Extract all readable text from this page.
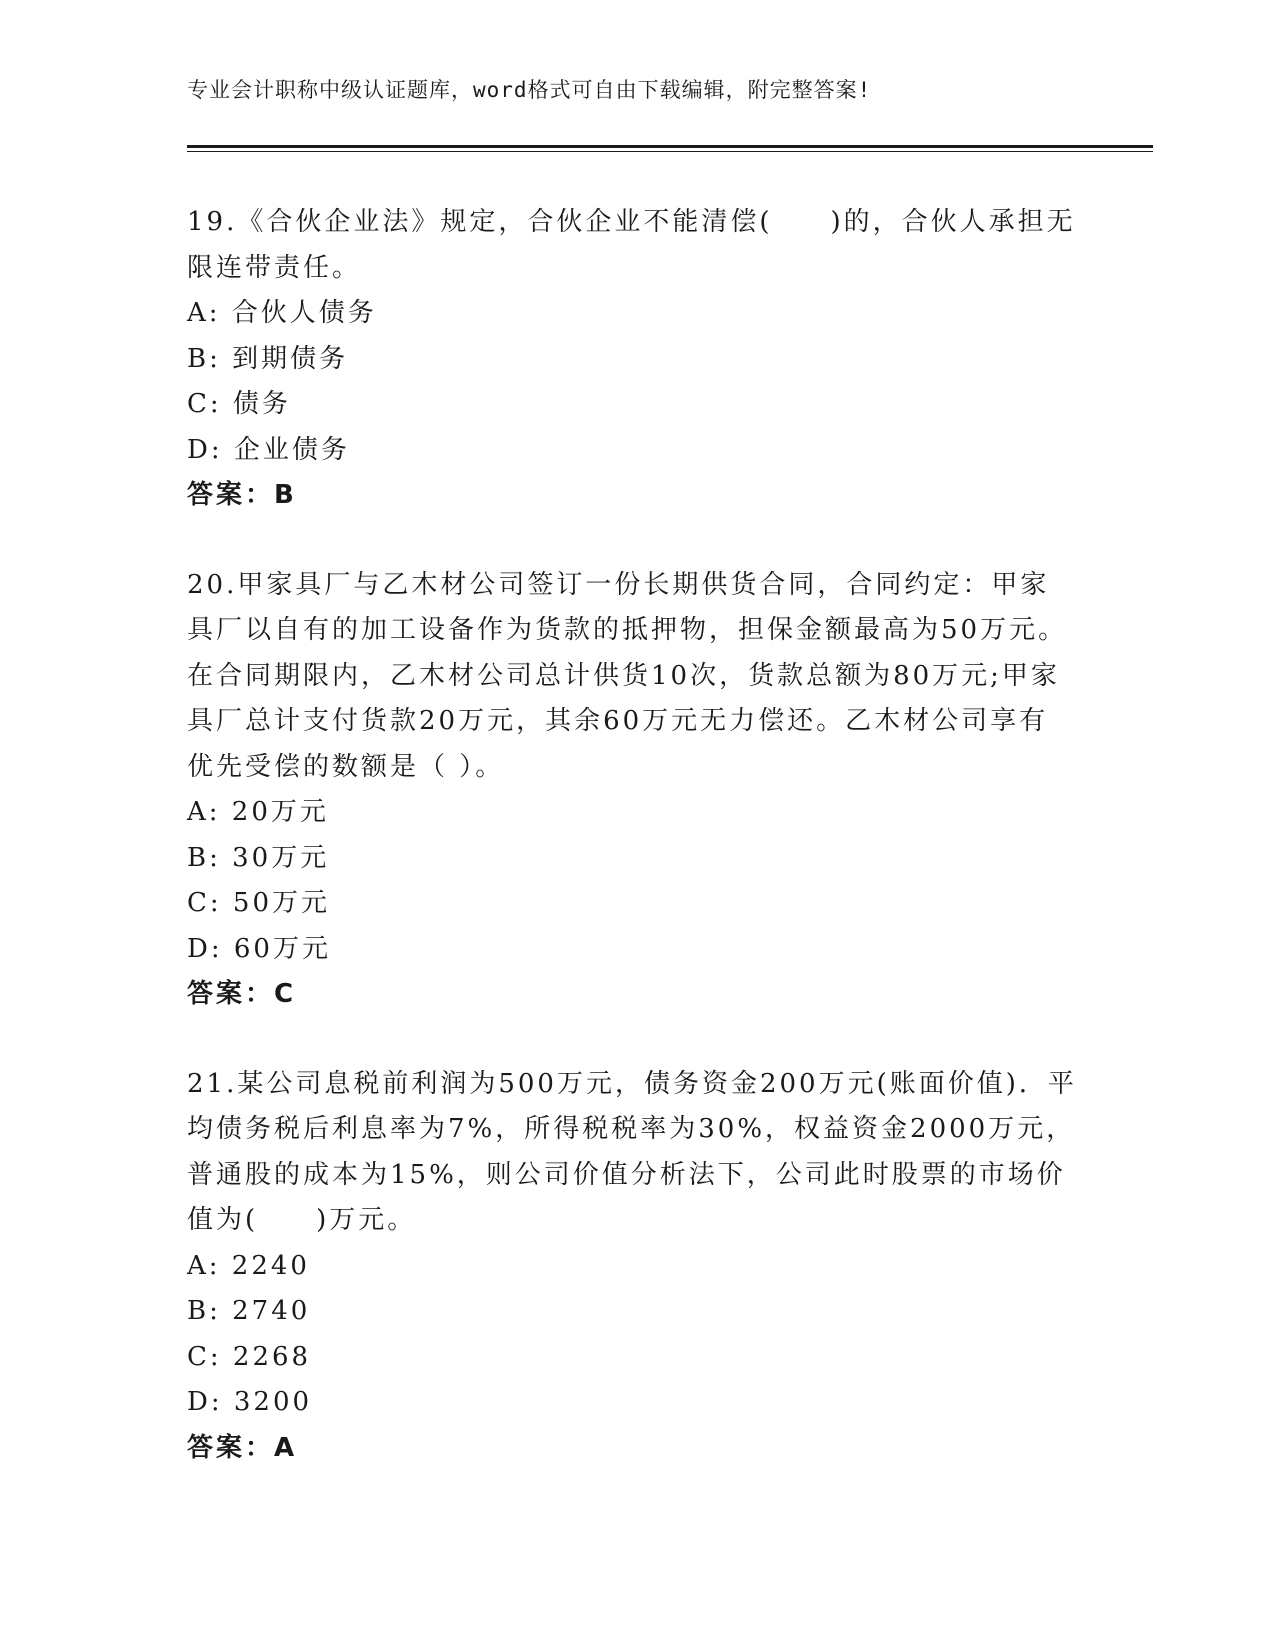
专业会计职称中级认证题库，word格式可自由下载编辑，附完整答案!

19.《合伙企业法》规定，合伙企业不能清偿(　　)的，合伙人承担无限连带责任。

A: 合伙人债务

B: 到期债务

C: 债务

D: 企业债务

答案：B

20.甲家具厂与乙木材公司签订一份长期供货合同，合同约定：甲家具厂以自有的加工设备作为货款的抵押物，担保金额最高为50万元。在合同期限内，乙木材公司总计供货10次，货款总额为80万元;甲家具厂总计支付货款20万元，其余60万元无力偿还。乙木材公司享有优先受偿的数额是（ ）。

A: 20万元

B: 30万元

C: 50万元

D: 60万元

答案：C

21.某公司息税前利润为500万元，债务资金200万元(账面价值)．平均债务税后利息率为7%，所得税税率为30%，权益资金2000万元，普通股的成本为15%，则公司价值分析法下，公司此时股票的市场价值为(　　)万元。

A: 2240

B: 2740

C: 2268

D: 3200

答案：A
